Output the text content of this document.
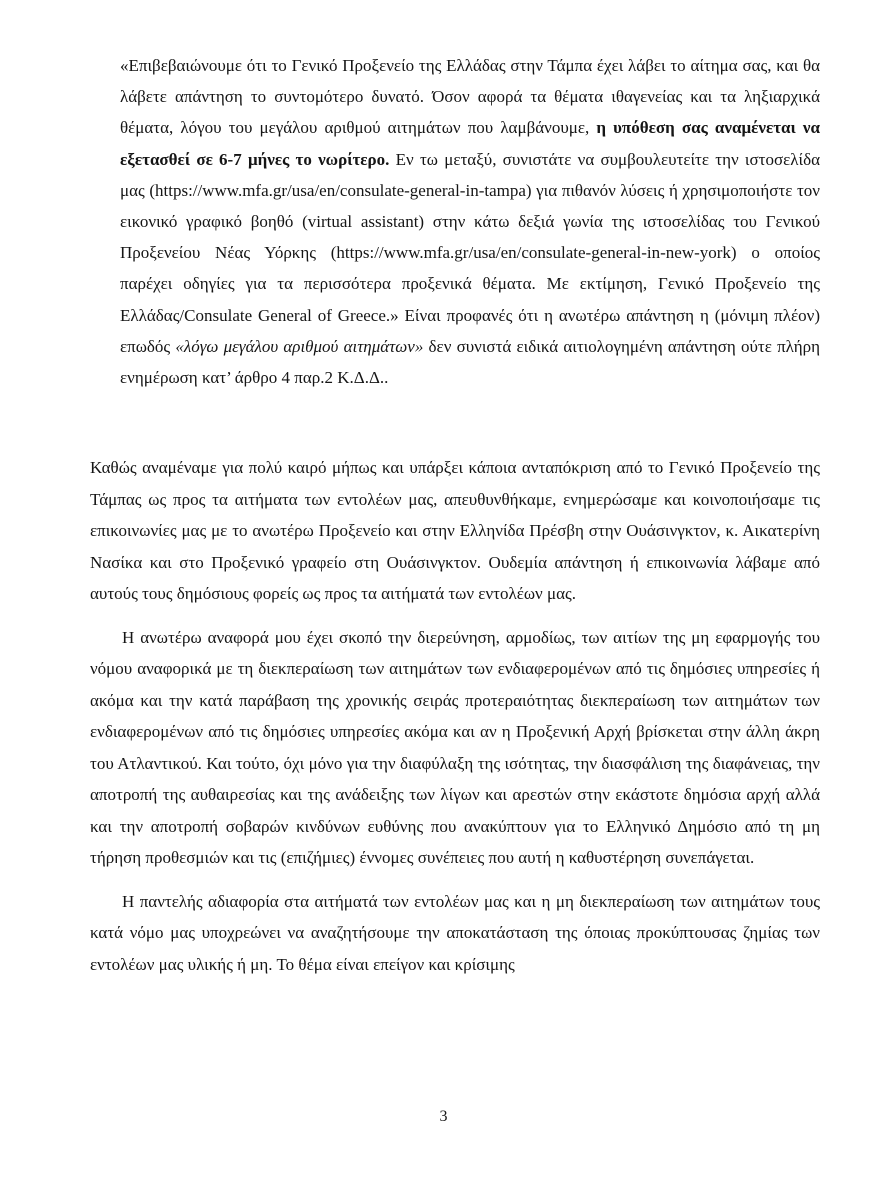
«Επιβεβαιώνουμε ότι το Γενικό Προξενείο της Ελλάδας στην Τάμπα έχει λάβει το αίτημα σας, και θα λάβετε απάντηση το συντομότερο δυνατό. Όσον αφορά τα θέματα ιθαγενείας και τα ληξιαρχικά θέματα, λόγου του μεγάλου αριθμού αιτημάτων που λαμβάνουμε, η υπόθεση σας αναμένεται να εξετασθεί σε 6-7 μήνες το νωρίτερο. Εν τω μεταξύ, συνιστάτε να συμβουλευτείτε την ιστοσελίδα μας (https://www.mfa.gr/usa/en/consulate-general-in-tampa) για πιθανόν λύσεις ή χρησιμοποιήστε τον εικονικό γραφικό βοηθό (virtual assistant) στην κάτω δεξιά γωνία της ιστοσελίδας του Γενικού Προξενείου Νέας Υόρκης (https://www.mfa.gr/usa/en/consulate-general-in-new-york) ο οποίος παρέχει οδηγίες για τα περισσότερα προξενικά θέματα. Με εκτίμηση, Γενικό Προξενείο της Ελλάδας/Consulate General of Greece.» Είναι προφανές ότι η ανωτέρω απάντηση η (μόνιμη πλέον) επωδός «λόγω μεγάλου αριθμού αιτημάτων» δεν συνιστά ειδικά αιτιολογημένη απάντηση ούτε πλήρη ενημέρωση κατ’ άρθρο 4 παρ.2 Κ.Δ.Δ..

Καθώς αναμέναμε για πολύ καιρό μήπως και υπάρξει κάποια ανταπόκριση από το Γενικό Προξενείο της Τάμπας ως προς τα αιτήματα των εντολέων μας, απευθυνθήκαμε, ενημερώσαμε και κοινοποιήσαμε τις επικοινωνίες μας με το ανωτέρω Προξενείο και στην Ελληνίδα Πρέσβη στην Ουάσινγκτον, κ. Αικατερίνη Νασίκα και στο Προξενικό γραφείο στη Ουάσινγκτον. Ουδεμία απάντηση ή επικοινωνία λάβαμε από αυτούς τους δημόσιους φορείς ως προς τα αιτήματά των εντολέων μας.

Η ανωτέρω αναφορά μου έχει σκοπό την διερεύνηση, αρμοδίως, των αιτίων της μη εφαρμογής του νόμου αναφορικά με τη διεκπεραίωση των αιτημάτων των ενδιαφερομένων από τις δημόσιες υπηρεσίες ή ακόμα και την κατά παράβαση της χρονικής σειράς προτεραιότητας διεκπεραίωση των αιτημάτων των ενδιαφερομένων από τις δημόσιες υπηρεσίες ακόμα και αν η Προξενική Αρχή βρίσκεται στην άλλη άκρη του Ατλαντικού. Και τούτο, όχι μόνο για την διαφύλαξη της ισότητας, την διασφάλιση της διαφάνειας, την αποτροπή της αυθαιρεσίας και της ανάδειξης των λίγων και αρεστών στην εκάστοτε δημόσια αρχή αλλά και την αποτροπή σοβαρών κινδύνων ευθύνης που ανακύπτουν για το Ελληνικό Δημόσιο από τη μη τήρηση προθεσμιών και τις (επιζήμιες) έννομες συνέπειες που αυτή η καθυστέρηση συνεπάγεται.

Η παντελής αδιαφορία στα αιτήματά των εντολέων μας και η μη διεκπεραίωση των αιτημάτων τους κατά νόμο μας υποχρεώνει να αναζητήσουμε την αποκατάσταση της όποιας προκύπτουσας ζημίας των εντολέων μας υλικής ή μη. Το θέμα είναι επείγον και κρίσιμης

3
